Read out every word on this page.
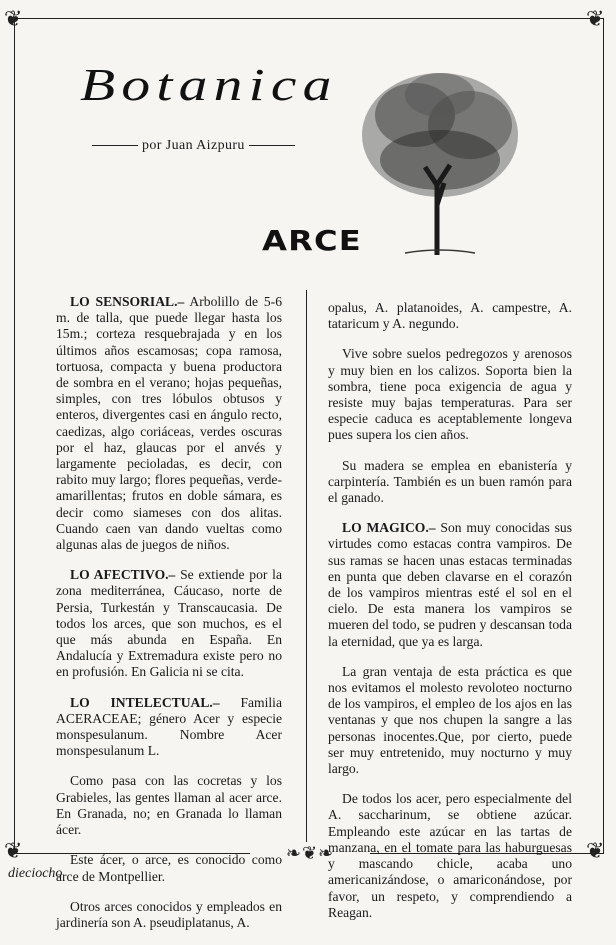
❦	❦
❦	❦
❧❦❧
Botanica
por Juan Aizpuru
ARCE

LO SENSORIAL.– Arbolillo de 5-6 m. de talla, que puede llegar hasta los 15m.; corteza resquebrajada y en los últimos años escamosas; copa ramosa, tortuosa, compacta y buena productora de sombra en el verano; hojas pequeñas, simples, con tres lóbulos obtusos y enteros, divergentes casi en ángulo recto, caedizas, algo coriáceas, verdes oscuras por el haz, glaucas por el anvés y largamente pecioladas, es decir, con rabito muy largo; flores pequeñas, verde-amarillentas; frutos en doble sámara, es decir como siameses con dos alitas. Cuando caen van dando vueltas como algunas alas de juegos de niños.

LO AFECTIVO.– Se extiende por la zona mediterránea, Cáucaso, norte de Persia, Turkestán y Transcaucasia. De todos los arces, que son muchos, es el que más abunda en España. En Andalucía y Extremadura existe pero no en profusión. En Galicia ni se cita.

LO INTELECTUAL.– Familia ACERACEAE; género Acer y especie monspesulanum. Nombre Acer monspesulanum L.

Como pasa con las cocretas y los Grabieles, las gentes llaman al acer arce. En Granada, no; en Granada lo llaman ácer.

Este ácer, o arce, es conocido como arce de Montpellier.

Otros arces conocidos y empleados en jardinería son A. pseudiplatanus, A.

opalus, A. platanoides, A. campestre, A. tataricum y A. negundo.

Vive sobre suelos pedregozos y arenosos y muy bien en los calizos. Soporta bien la sombra, tiene poca exigencia de agua y resiste muy bajas temperaturas. Para ser especie caduca es aceptablemente longeva pues supera los cien años.

Su madera se emplea en ebanistería y carpintería. También es un buen ramón para el ganado.

LO MAGICO.– Son muy conocidas sus virtudes como estacas contra vampiros. De sus ramas se hacen unas estacas terminadas en punta que deben clavarse en el corazón de los vampiros mientras esté el sol en el cielo. De esta manera los vampiros se mueren del todo, se pudren y descansan toda la eternidad, que ya es larga.

La gran ventaja de esta práctica es que nos evitamos el molesto revoloteo nocturno de los vampiros, el empleo de los ajos en las ventanas y que nos chupen la sangre a las personas inocentes.Que, por cierto, puede ser muy entretenido, muy nocturno y muy largo.

De todos los acer, pero especialmente del A. saccharinum, se obtiene azúcar. Empleando este azúcar en las tartas de manzana, en el tomate para las haburguesas y mascando chicle, acaba uno americanizándose, o amariconándose, por favor, un respeto, y comprendiendo a Reagan.

dieciocho
